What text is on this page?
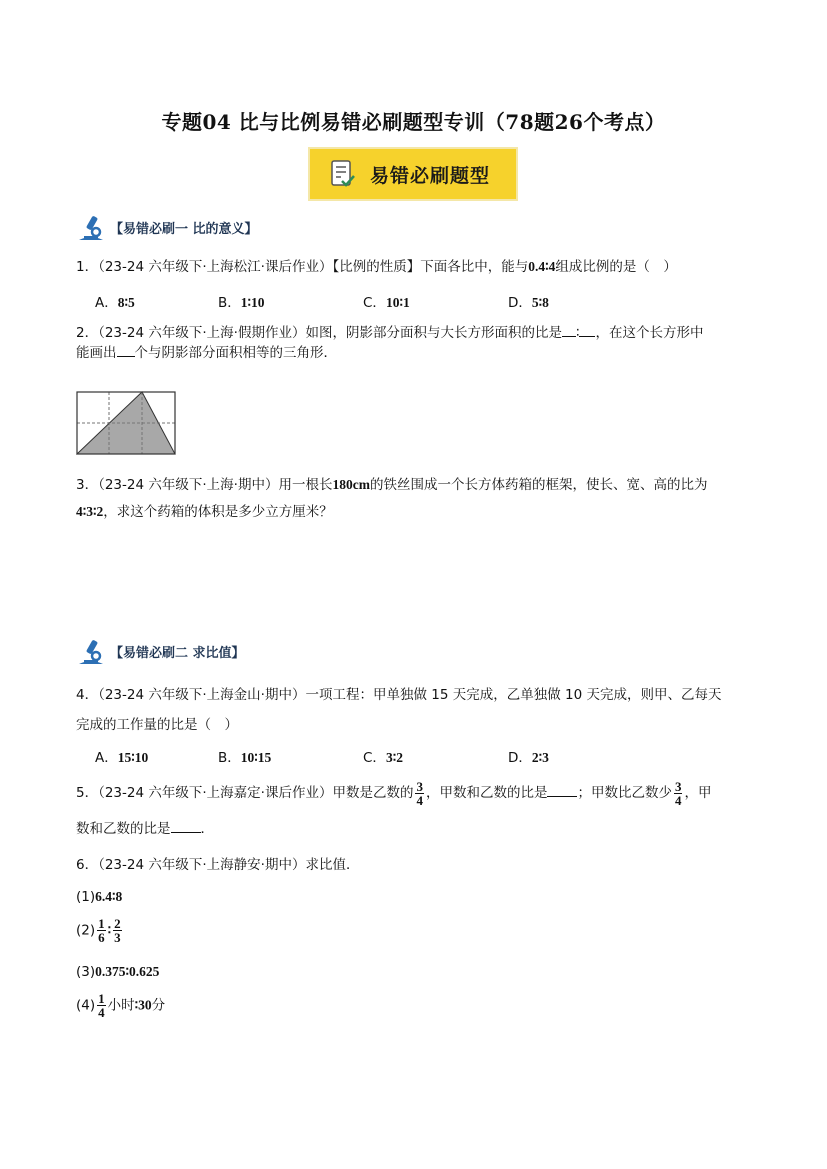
专题04 比与比例易错必刷题型专训（78题26个考点）
易错必刷题型
【易错必刷一 比的意义】
1．（23-24 六年级下·上海松江·课后作业）【比例的性质】下面各比中，能与0.4∶4组成比例的是（　）
A．8∶5	B．1∶10	C．10∶1	D．5∶8
2．（23-24 六年级下·上海·假期作业）如图，阴影部分面积与大长方形面积的比是 ∶ ，在这个长方形中
能画出 个与阴影部分面积相等的三角形．
3．（23-24 六年级下·上海·期中）用一根长180cm的铁丝围成一个长方体药箱的框架，使长、宽、高的比为
4∶3∶2，求这个药箱的体积是多少立方厘米？
【易错必刷二 求比值】
4．（23-24 六年级下·上海金山·期中）一项工程：甲单独做 15 天完成，乙单独做 10 天完成，则甲、乙每天
完成的工作量的比是（　）
A．15∶10	B．10∶15	C．3∶2	D．2∶3
5．（23-24 六年级下·上海嘉定·课后作业）甲数是乙数的 $\frac{3}{4}$ ，甲数和乙数的比是 ；甲数比乙数少 $\frac{3}{4}$ ，甲
数和乙数的比是 ．
6．（23-24 六年级下·上海静安·期中）求比值．
(1)6.4∶8
$(2) \frac{1}{6}$ ∶ $\frac{2}{3}$
(3)0.375∶0.625
$(4) \frac{1}{4}$ 小时∶30分
